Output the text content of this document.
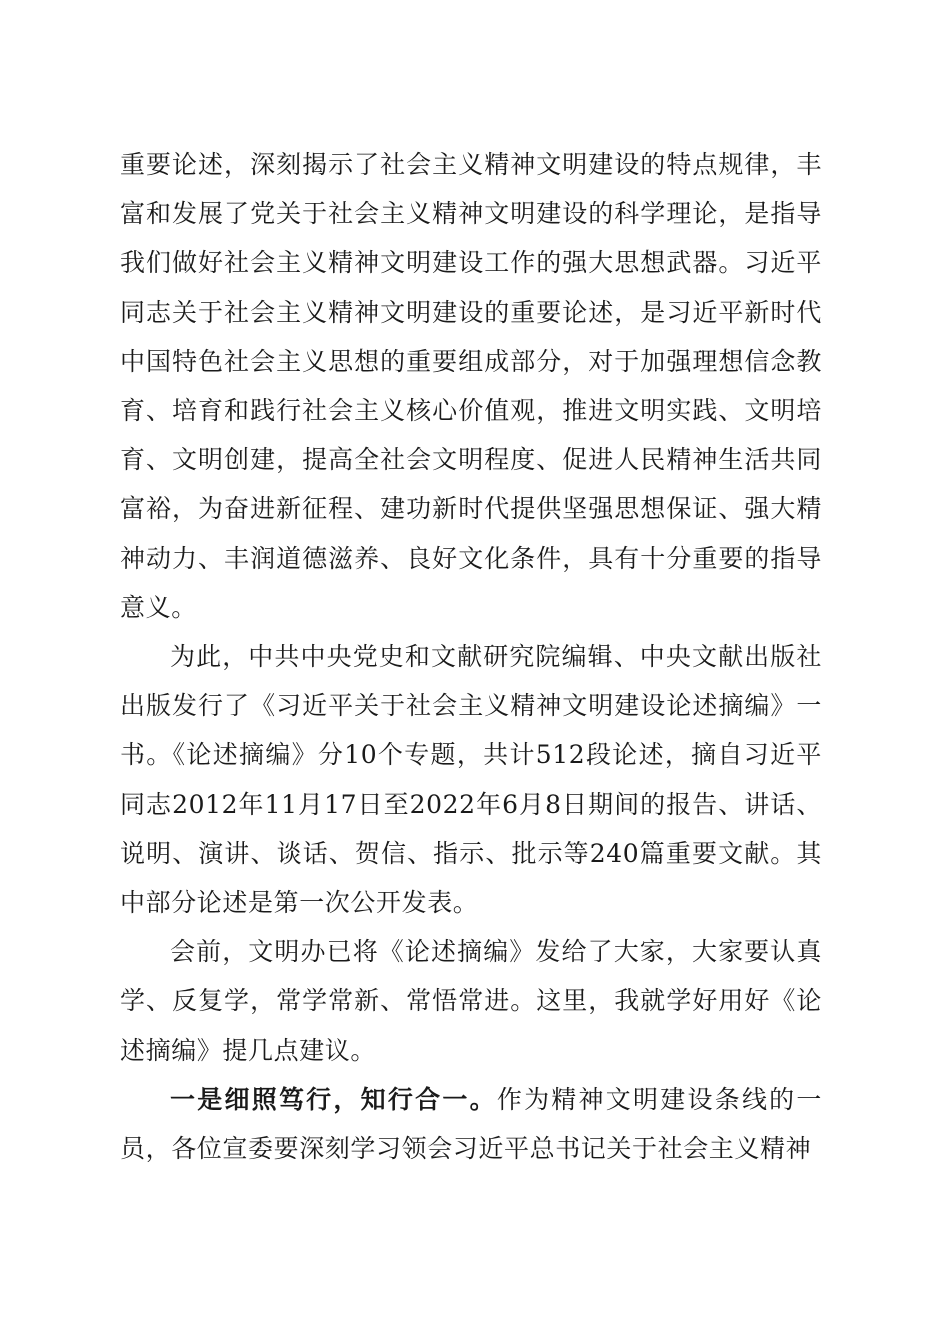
重要论述，深刻揭示了社会主义精神文明建设的特点规律，丰富和发展了党关于社会主义精神文明建设的科学理论，是指导我们做好社会主义精神文明建设工作的强大思想武器。习近平同志关于社会主义精神文明建设的重要论述，是习近平新时代中国特色社会主义思想的重要组成部分，对于加强理想信念教育、培育和践行社会主义核心价值观，推进文明实践、文明培育、文明创建，提高全社会文明程度、促进人民精神生活共同富裕，为奋进新征程、建功新时代提供坚强思想保证、强大精神动力、丰润道德滋养、良好文化条件，具有十分重要的指导意义。

为此，中共中央党史和文献研究院编辑、中央文献出版社出版发行了《习近平关于社会主义精神文明建设论述摘编》一书。《论述摘编》分10个专题，共计512段论述，摘自习近平同志2012年11月17日至2022年6月8日期间的报告、讲话、说明、演讲、谈话、贺信、指示、批示等240篇重要文献。其中部分论述是第一次公开发表。

会前，文明办已将《论述摘编》发给了大家，大家要认真学、反复学，常学常新、常悟常进。这里，我就学好用好《论述摘编》提几点建议。

一是细照笃行，知行合一。作为精神文明建设条线的一员，各位宣委要深刻学习领会习近平总书记关于社会主义精神
